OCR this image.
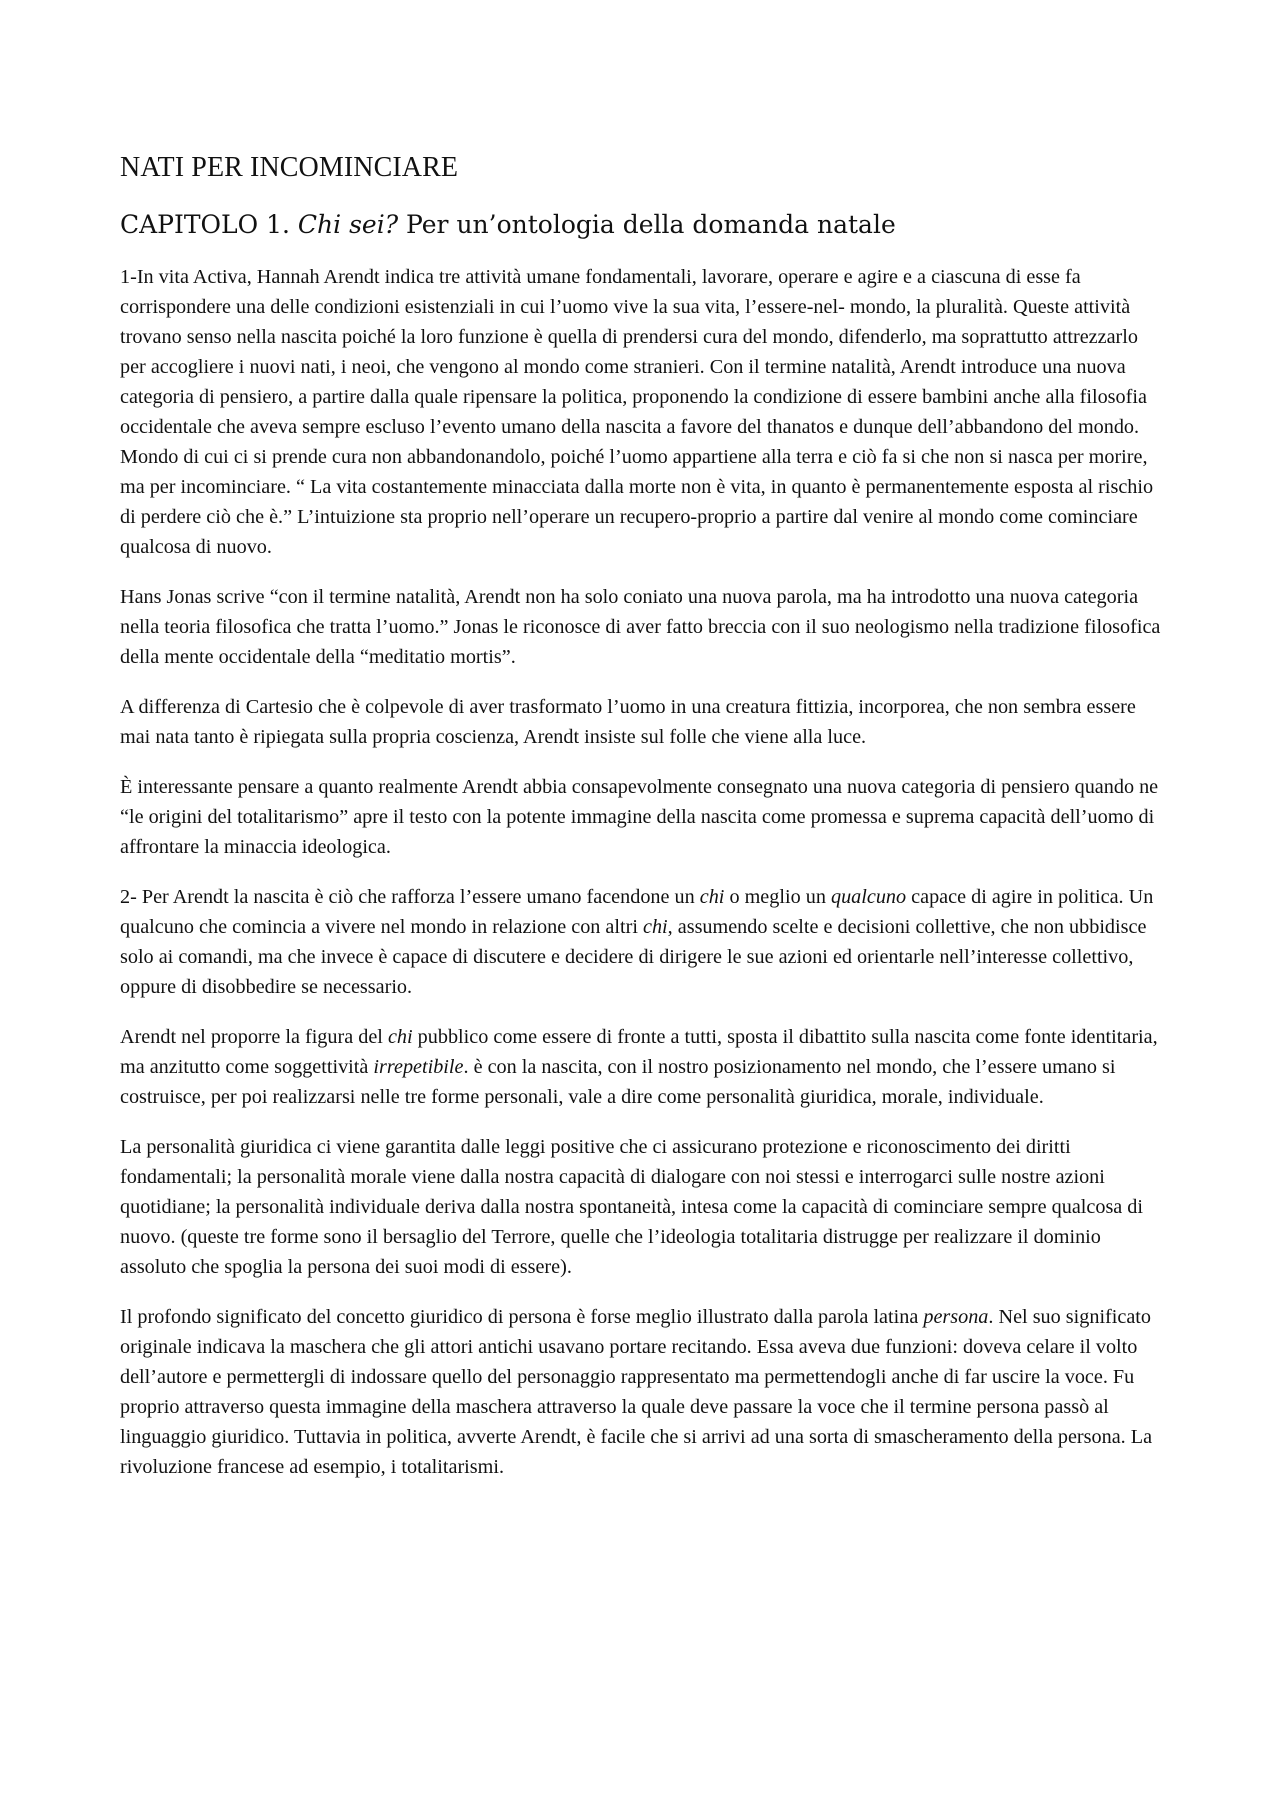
NATI PER INCOMINCIARE
CAPITOLO 1. Chi sei? Per un’ontologia della domanda natale

1-In vita Activa, Hannah Arendt indica tre attività umane fondamentali, lavorare, operare e agire e a ciascuna di esse fa corrispondere una delle condizioni esistenziali in cui l’uomo vive la sua vita, l’essere-nel- mondo, la pluralità. Queste attività trovano senso nella nascita poiché la loro funzione è quella di prendersi cura del mondo, difenderlo, ma soprattutto attrezzarlo per accogliere i nuovi nati, i neoi, che vengono al mondo come stranieri. Con il termine natalità, Arendt introduce una nuova categoria di pensiero, a partire dalla quale ripensare la politica, proponendo la condizione di essere bambini anche alla filosofia occidentale che aveva sempre escluso l’evento umano della nascita a favore del thanatos e dunque dell’abbandono del mondo. Mondo di cui ci si prende cura non abbandonandolo, poiché l’uomo appartiene alla terra e ciò fa si che non si nasca per morire, ma per incominciare. “ La vita costantemente minacciata dalla morte non è vita, in quanto è permanentemente esposta al rischio di perdere ciò che è.” L’intuizione sta proprio nell’operare un recupero-proprio a partire dal venire al mondo come cominciare qualcosa di nuovo.

Hans Jonas scrive “con il termine natalità, Arendt non ha solo coniato una nuova parola, ma ha introdotto una nuova categoria nella teoria filosofica che tratta l’uomo.” Jonas le riconosce di aver fatto breccia con il suo neologismo nella tradizione filosofica della mente occidentale della “meditatio mortis”.

A differenza di Cartesio che è colpevole di aver trasformato l’uomo in una creatura fittizia, incorporea, che non sembra essere mai nata tanto è ripiegata sulla propria coscienza, Arendt insiste sul folle che viene alla luce.

È interessante pensare a quanto realmente Arendt abbia consapevolmente consegnato una nuova categoria di pensiero quando ne “le origini del totalitarismo” apre il testo con la potente immagine della nascita come promessa e suprema capacità dell’uomo di affrontare la minaccia ideologica.

2- Per Arendt la nascita è ciò che rafforza l’essere umano facendone un chi o meglio un qualcuno capace di agire in politica. Un qualcuno che comincia a vivere nel mondo in relazione con altri chi, assumendo scelte e decisioni collettive, che non ubbidisce solo ai comandi, ma che invece è capace di discutere e decidere di dirigere le sue azioni ed orientarle nell’interesse collettivo, oppure di disobbedire se necessario.

Arendt nel proporre la figura del chi pubblico come essere di fronte a tutti, sposta il dibattito sulla nascita come fonte identitaria, ma anzitutto come soggettività irrepetibile. è con la nascita, con il nostro posizionamento nel mondo, che l’essere umano si costruisce, per poi realizzarsi nelle tre forme personali, vale a dire come personalità giuridica, morale, individuale.

La personalità giuridica ci viene garantita dalle leggi positive che ci assicurano protezione e riconoscimento dei diritti fondamentali; la personalità morale viene dalla nostra capacità di dialogare con noi stessi e interrogarci sulle nostre azioni quotidiane; la personalità individuale deriva dalla nostra spontaneità, intesa come la capacità di cominciare sempre qualcosa di nuovo. (queste tre forme sono il bersaglio del Terrore, quelle che l’ideologia totalitaria distrugge per realizzare il dominio assoluto che spoglia la persona dei suoi modi di essere).

Il profondo significato del concetto giuridico di persona è forse meglio illustrato dalla parola latina persona. Nel suo significato originale indicava la maschera che gli attori antichi usavano portare recitando. Essa aveva due funzioni: doveva celare il volto dell’autore e permettergli di indossare quello del personaggio rappresentato ma permettendogli anche di far uscire la voce. Fu proprio attraverso questa immagine della maschera attraverso la quale deve passare la voce che il termine persona passò al linguaggio giuridico. Tuttavia in politica, avverte Arendt, è facile che si arrivi ad una sorta di smascheramento della persona. La rivoluzione francese ad esempio, i totalitarismi.
